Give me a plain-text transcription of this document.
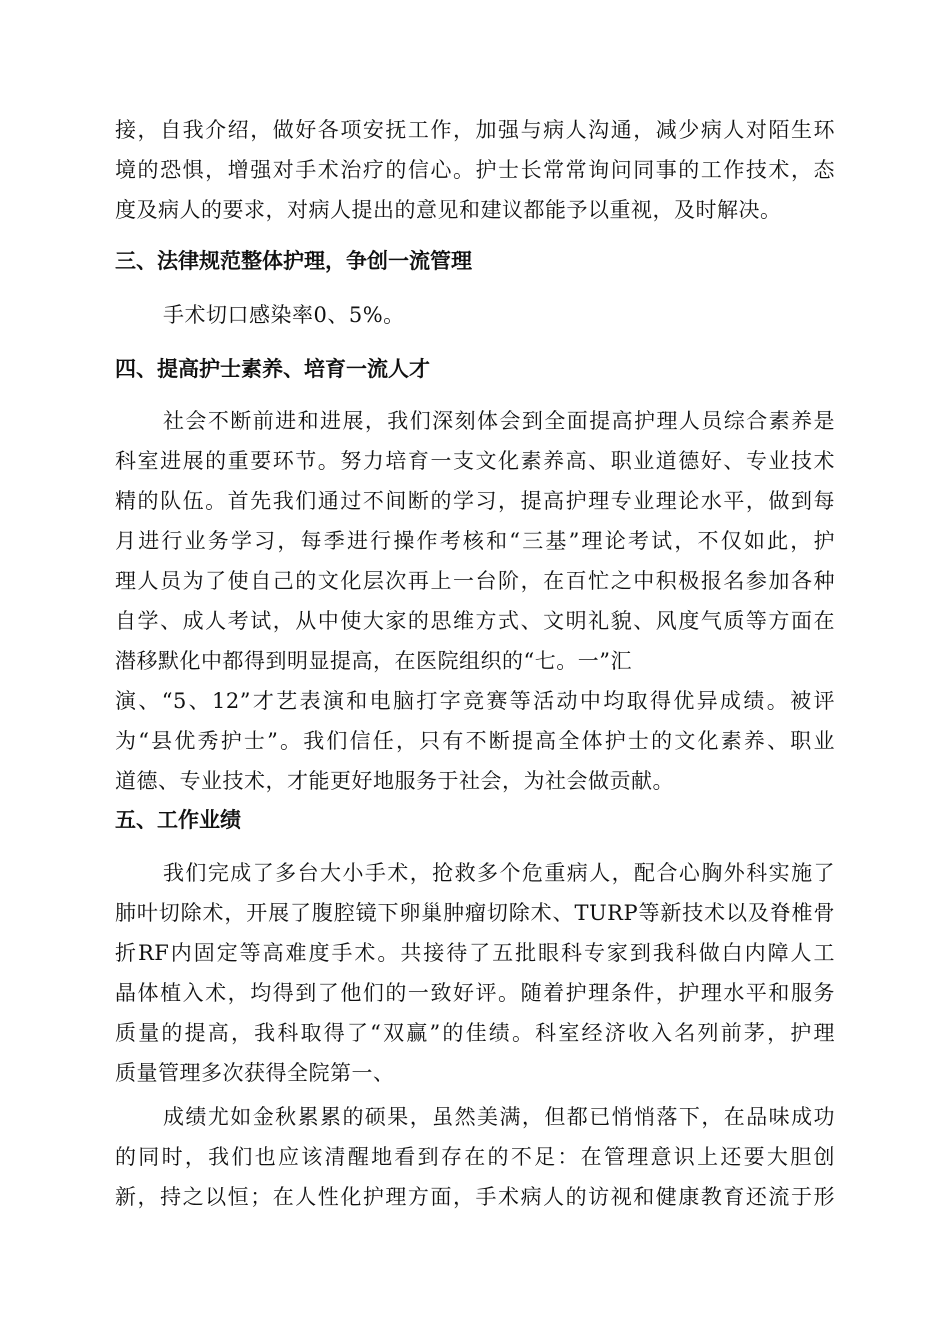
接，自我介绍，做好各项安抚工作，加强与病人沟通，减少病人对陌生环
境的恐惧，增强对手术治疗的信心。护士长常常询问同事的工作技术，态
度及病人的要求，对病人提出的意见和建议都能予以重视，及时解决。
三、法律规范整体护理，争创一流管理
手术切口感染率0、5%。
四、提高护士素养、培育一流人才
社会不断前进和进展，我们深刻体会到全面提高护理人员综合素养是
科室进展的重要环节。努力培育一支文化素养高、职业道德好、专业技术
精的队伍。首先我们通过不间断的学习，提高护理专业理论水平，做到每
月进行业务学习，每季进行操作考核和“三基”理论考试，不仅如此，护
理人员为了使自己的文化层次再上一台阶，在百忙之中积极报名参加各种
自学、成人考试，从中使大家的思维方式、文明礼貌、风度气质等方面在
潜移默化中都得到明显提高，在医院组织的“七。一”汇
演、“5、12”才艺表演和电脑打字竞赛等活动中均取得优异成绩。被评
为“县优秀护士”。我们信任，只有不断提高全体护士的文化素养、职业
道德、专业技术，才能更好地服务于社会，为社会做贡献。
五、工作业绩
我们完成了多台大小手术，抢救多个危重病人，配合心胸外科实施了
肺叶切除术，开展了腹腔镜下卵巢肿瘤切除术、TURP等新技术以及脊椎骨
折RF内固定等高难度手术。共接待了五批眼科专家到我科做白内障人工
晶体植入术，均得到了他们的一致好评。随着护理条件，护理水平和服务
质量的提高，我科取得了“双赢”的佳绩。科室经济收入名列前茅，护理
质量管理多次获得全院第一、
成绩尤如金秋累累的硕果，虽然美满，但都已悄悄落下，在品味成功
的同时，我们也应该清醒地看到存在的不足：在管理意识上还要大胆创
新，持之以恒；在人性化护理方面，手术病人的访视和健康教育还流于形
